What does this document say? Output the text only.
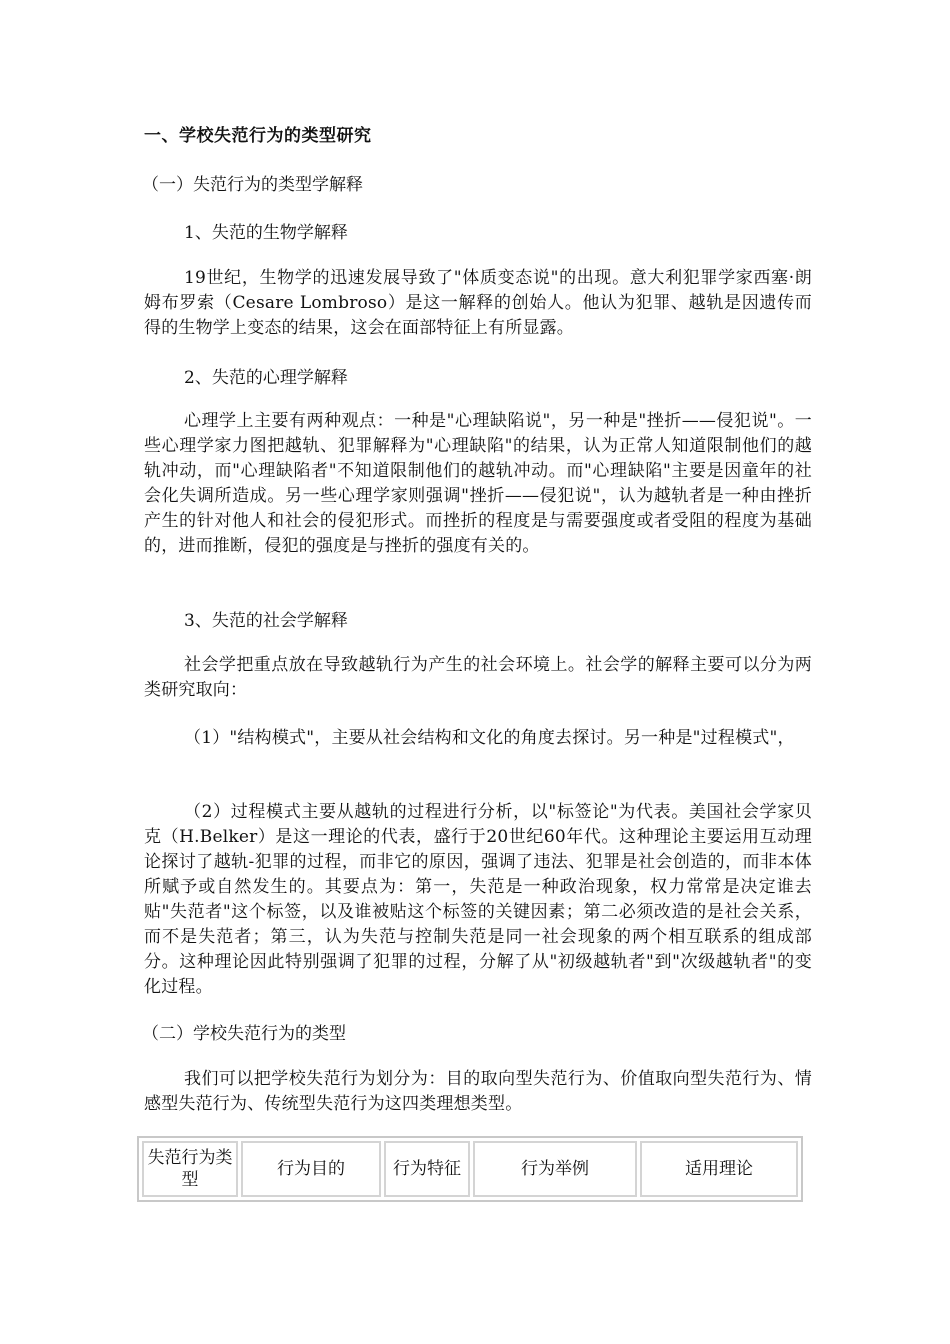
一、学校失范行为的类型研究
（一）失范行为的类型学解释
1、失范的生物学解释
19世纪，生物学的迅速发展导致了"体质变态说"的出现。意大利犯罪学家西塞·朗姆布罗索（Cesare Lombroso）是这一解释的创始人。他认为犯罪、越轨是因遗传而得的生物学上变态的结果，这会在面部特征上有所显露。
2、失范的心理学解释
心理学上主要有两种观点：一种是"心理缺陷说"，另一种是"挫折——侵犯说"。一些心理学家力图把越轨、犯罪解释为"心理缺陷"的结果，认为正常人知道限制他们的越轨冲动，而"心理缺陷者"不知道限制他们的越轨冲动。而"心理缺陷"主要是因童年的社会化失调所造成。另一些心理学家则强调"挫折——侵犯说"，认为越轨者是一种由挫折产生的针对他人和社会的侵犯形式。而挫折的程度是与需要强度或者受阻的程度为基础的，进而推断，侵犯的强度是与挫折的强度有关的。
3、失范的社会学解释
社会学把重点放在导致越轨行为产生的社会环境上。社会学的解释主要可以分为两类研究取向：
（1）"结构模式"，主要从社会结构和文化的角度去探讨。另一种是"过程模式"，
（2）过程模式主要从越轨的过程进行分析，以"标签论"为代表。美国社会学家贝克（H.Belker）是这一理论的代表，盛行于20世纪60年代。这种理论主要运用互动理论探讨了越轨-犯罪的过程，而非它的原因，强调了违法、犯罪是社会创造的，而非本体所赋予或自然发生的。其要点为：第一，失范是一种政治现象，权力常常是决定谁去贴"失范者"这个标签，以及谁被贴这个标签的关键因素；第二必须改造的是社会关系，而不是失范者；第三，认为失范与控制失范是同一社会现象的两个相互联系的组成部分。这种理论因此特别强调了犯罪的过程，分解了从"初级越轨者"到"次级越轨者"的变化过程。
（二）学校失范行为的类型
我们可以把学校失范行为划分为：目的取向型失范行为、价值取向型失范行为、情感型失范行为、传统型失范行为这四类理想类型。
失范行为类型	行为目的	行为特征	行为举例	适用理论
